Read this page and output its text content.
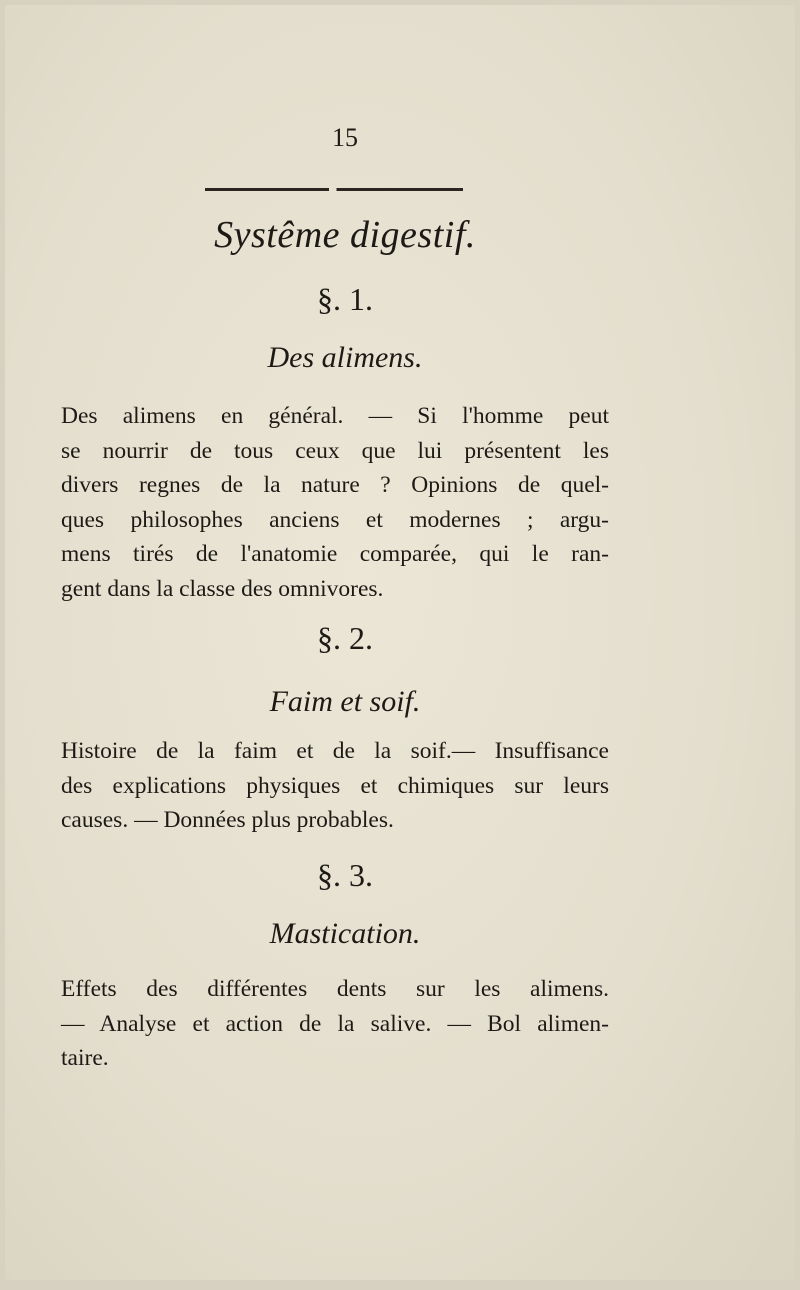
15
Systême digestif.
§. 1.
Des alimens.
Des alimens en général. — Si l'homme peut
se nourrir de tous ceux que lui présentent les
divers regnes de la nature ? Opinions de quel-
ques philosophes anciens et modernes ; argu-
mens tirés de l'anatomie comparée, qui le ran-
gent dans la classe des omnivores.
§. 2.
Faim et soif.
Histoire de la faim et de la soif.— Insuffisance
des explications physiques et chimiques sur leurs
causes. — Données plus probables.
§. 3.
Mastication.
Effets des différentes dents sur les alimens.
— Analyse et action de la salive. — Bol alimen-
taire.
